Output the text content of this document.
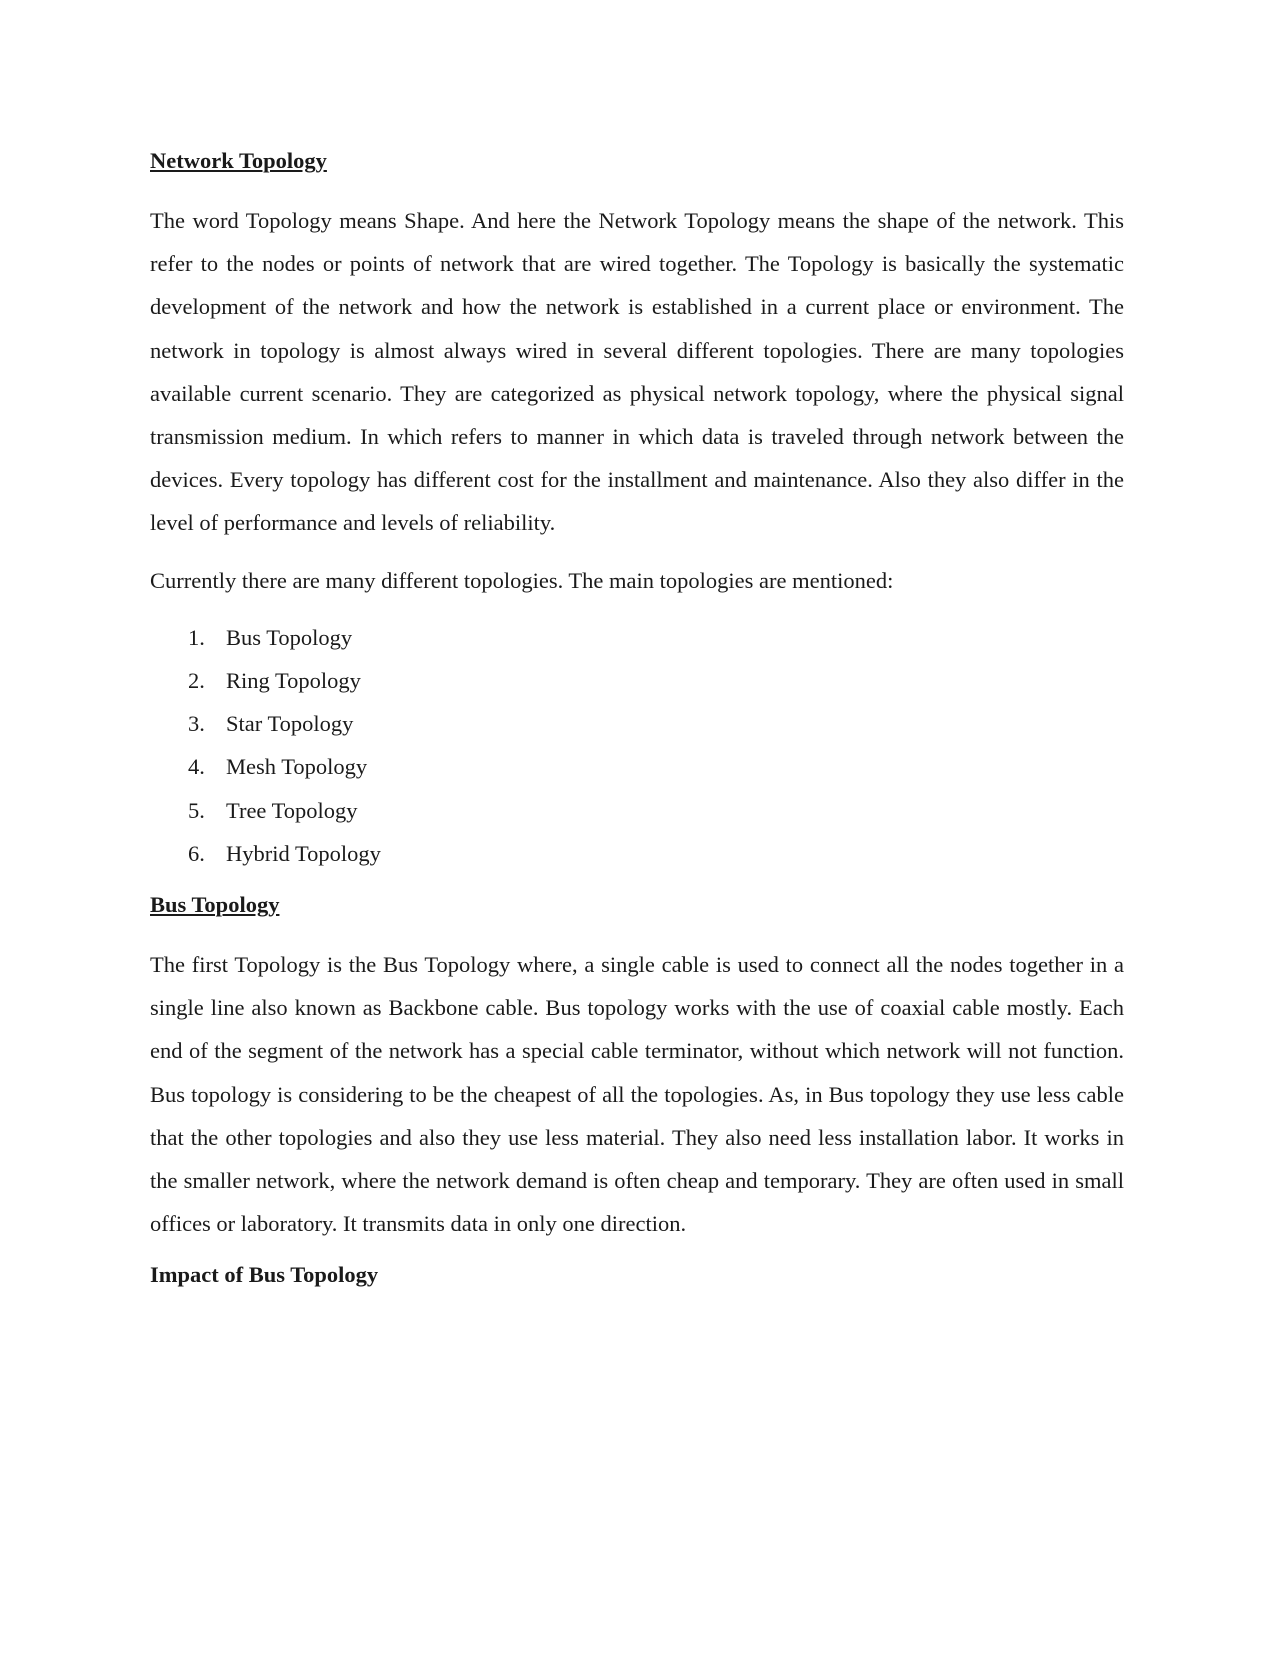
Network Topology

The word Topology means Shape. And here the Network Topology means the shape of the network. This refer to the nodes or points of network that are wired together. The Topology is basically the systematic development of the network and how the network is established in a current place or environment. The network in topology is almost always wired in several different topologies. There are many topologies available current scenario. They are categorized as physical network topology, where the physical signal transmission medium. In which refers to manner in which data is traveled through network between the devices. Every topology has different cost for the installment and maintenance. Also they also differ in the level of performance and levels of reliability.

Currently there are many different topologies. The main topologies are mentioned:

1. Bus Topology
2. Ring Topology
3. Star Topology
4. Mesh Topology
5. Tree Topology
6. Hybrid Topology
Bus Topology

The first Topology is the Bus Topology where, a single cable is used to connect all the nodes together in a single line also known as Backbone cable. Bus topology works with the use of coaxial cable mostly. Each end of the segment of the network has a special cable terminator, without which network will not function. Bus topology is considering to be the cheapest of all the topologies. As, in Bus topology they use less cable that the other topologies and also they use less material. They also need less installation labor. It works in the smaller network, where the network demand is often cheap and temporary. They are often used in small offices or laboratory. It transmits data in only one direction.

Impact of Bus Topology
